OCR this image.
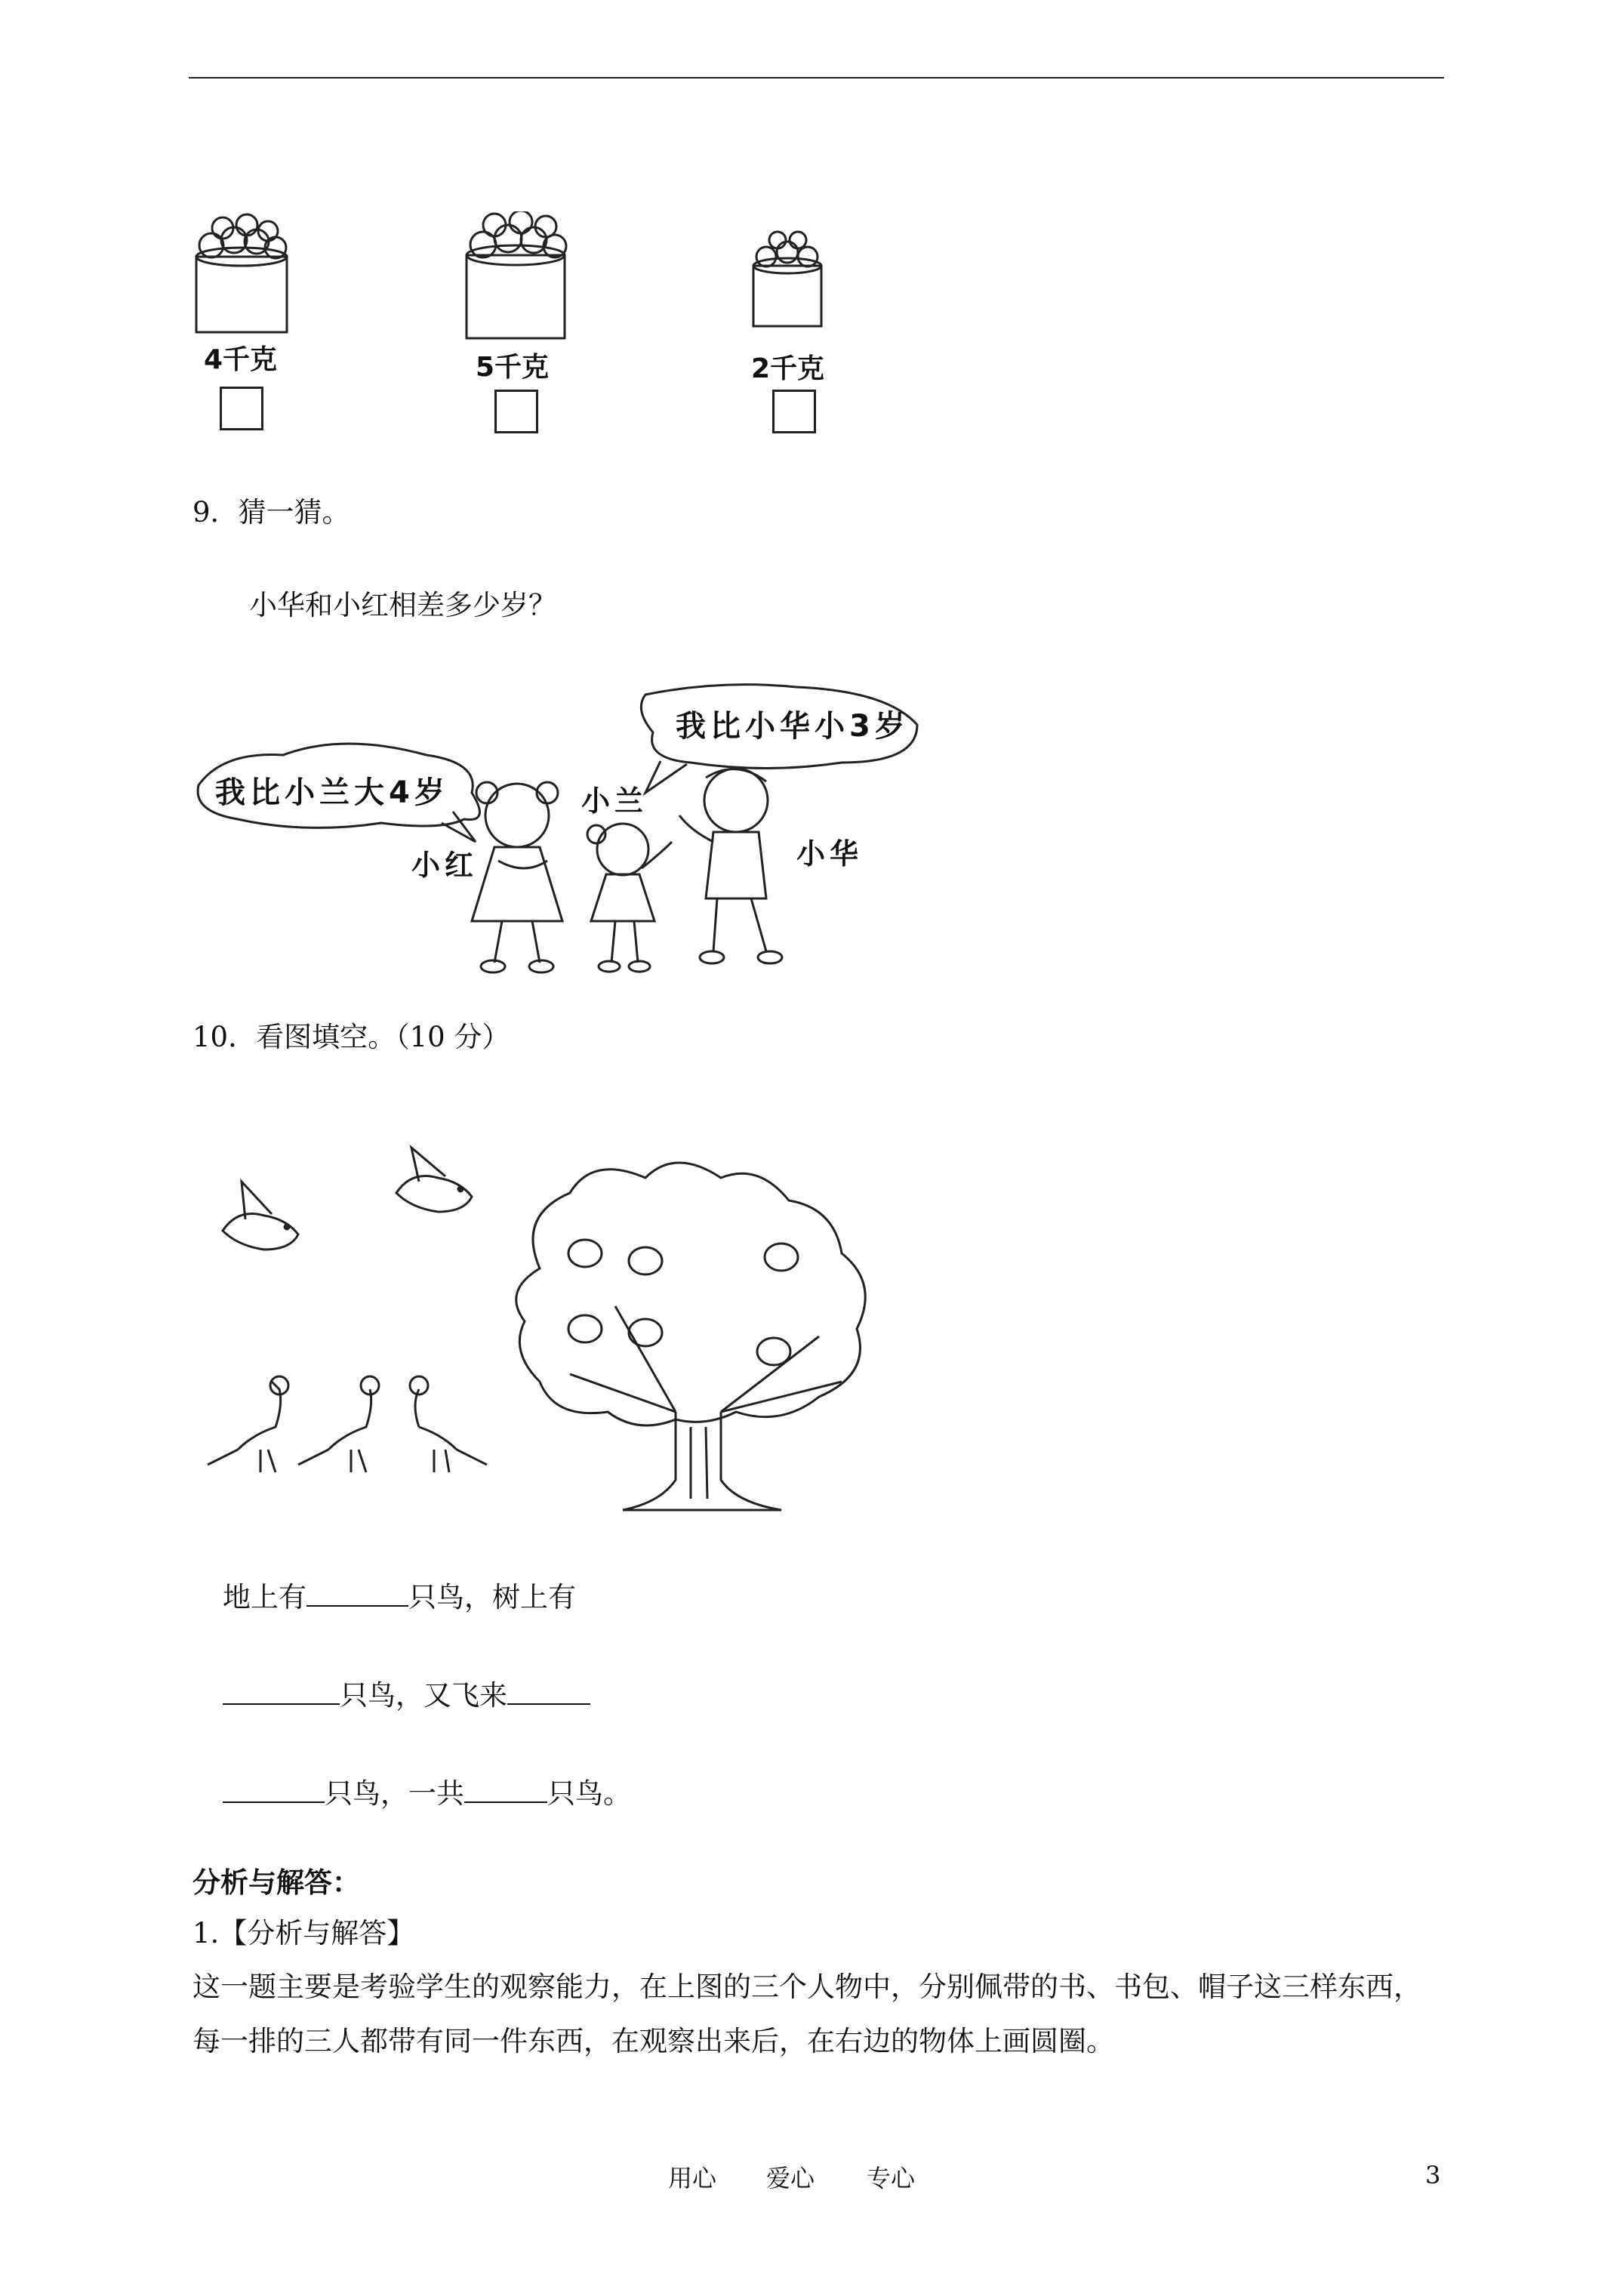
4千克	5千克	2千克
9．猜一猜。
小华和小红相差多少岁？
我比小兰大4岁
我比小华小3岁
小红
小兰
小华
10．看图填空。（10 分）
地上有	只鸟，树上有
只鸟，又飞来
只鸟，一共	只鸟。
分析与解答：
1.【分析与解答】
这一题主要是考验学生的观察能力，在上图的三个人物中，分别佩带的书、书包、帽子这三样东西，
每一排的三人都带有同一件东西，在观察出来后，在右边的物体上画圆圈。
用心 爱心 专心	3
